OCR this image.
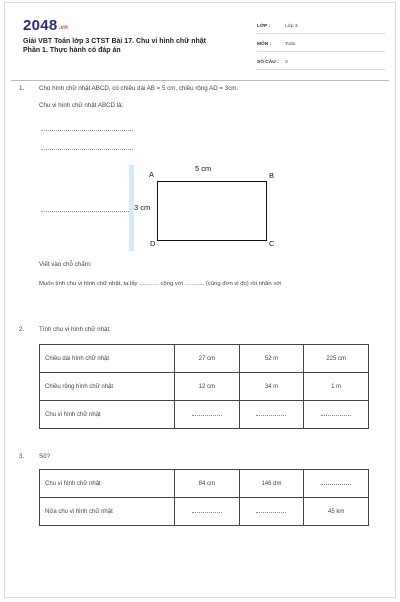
$2048_{.vn}$
Giải VBT Toán lớp 3 CTST Bài 17. Chu vi hình chữ nhật
Phần 1. Thực hành có đáp án
LỚP :	Lớp 3
MÔN :	Toán
SỐ CÂU :	3
1. Cho hình chữ nhật ABCD, có chiều dài AB = 5 cm, chiều rộng AD = 3cm.
Chu vi hình chữ nhật ABCD là:
A	B
C
D
5 cm
3 cm
Viết vào chỗ chấm:
Muốn tính chu vi hình chữ nhật, ta lấy ............ cộng với ............ (cùng đơn vị đo) rồi nhân với
2. Tính chu vi hình chữ nhật.
Chiều dài hình chữ nhật	27 cm	52 m	225 cm
Chiều rộng hình chữ nhật	12 cm	34 m	1 m
Chu vi hình chữ nhật			
3. Số?
Chu vi hình chữ nhật	84 cm	146 dm	
Nửa chu vi hình chữ nhật			45 km
